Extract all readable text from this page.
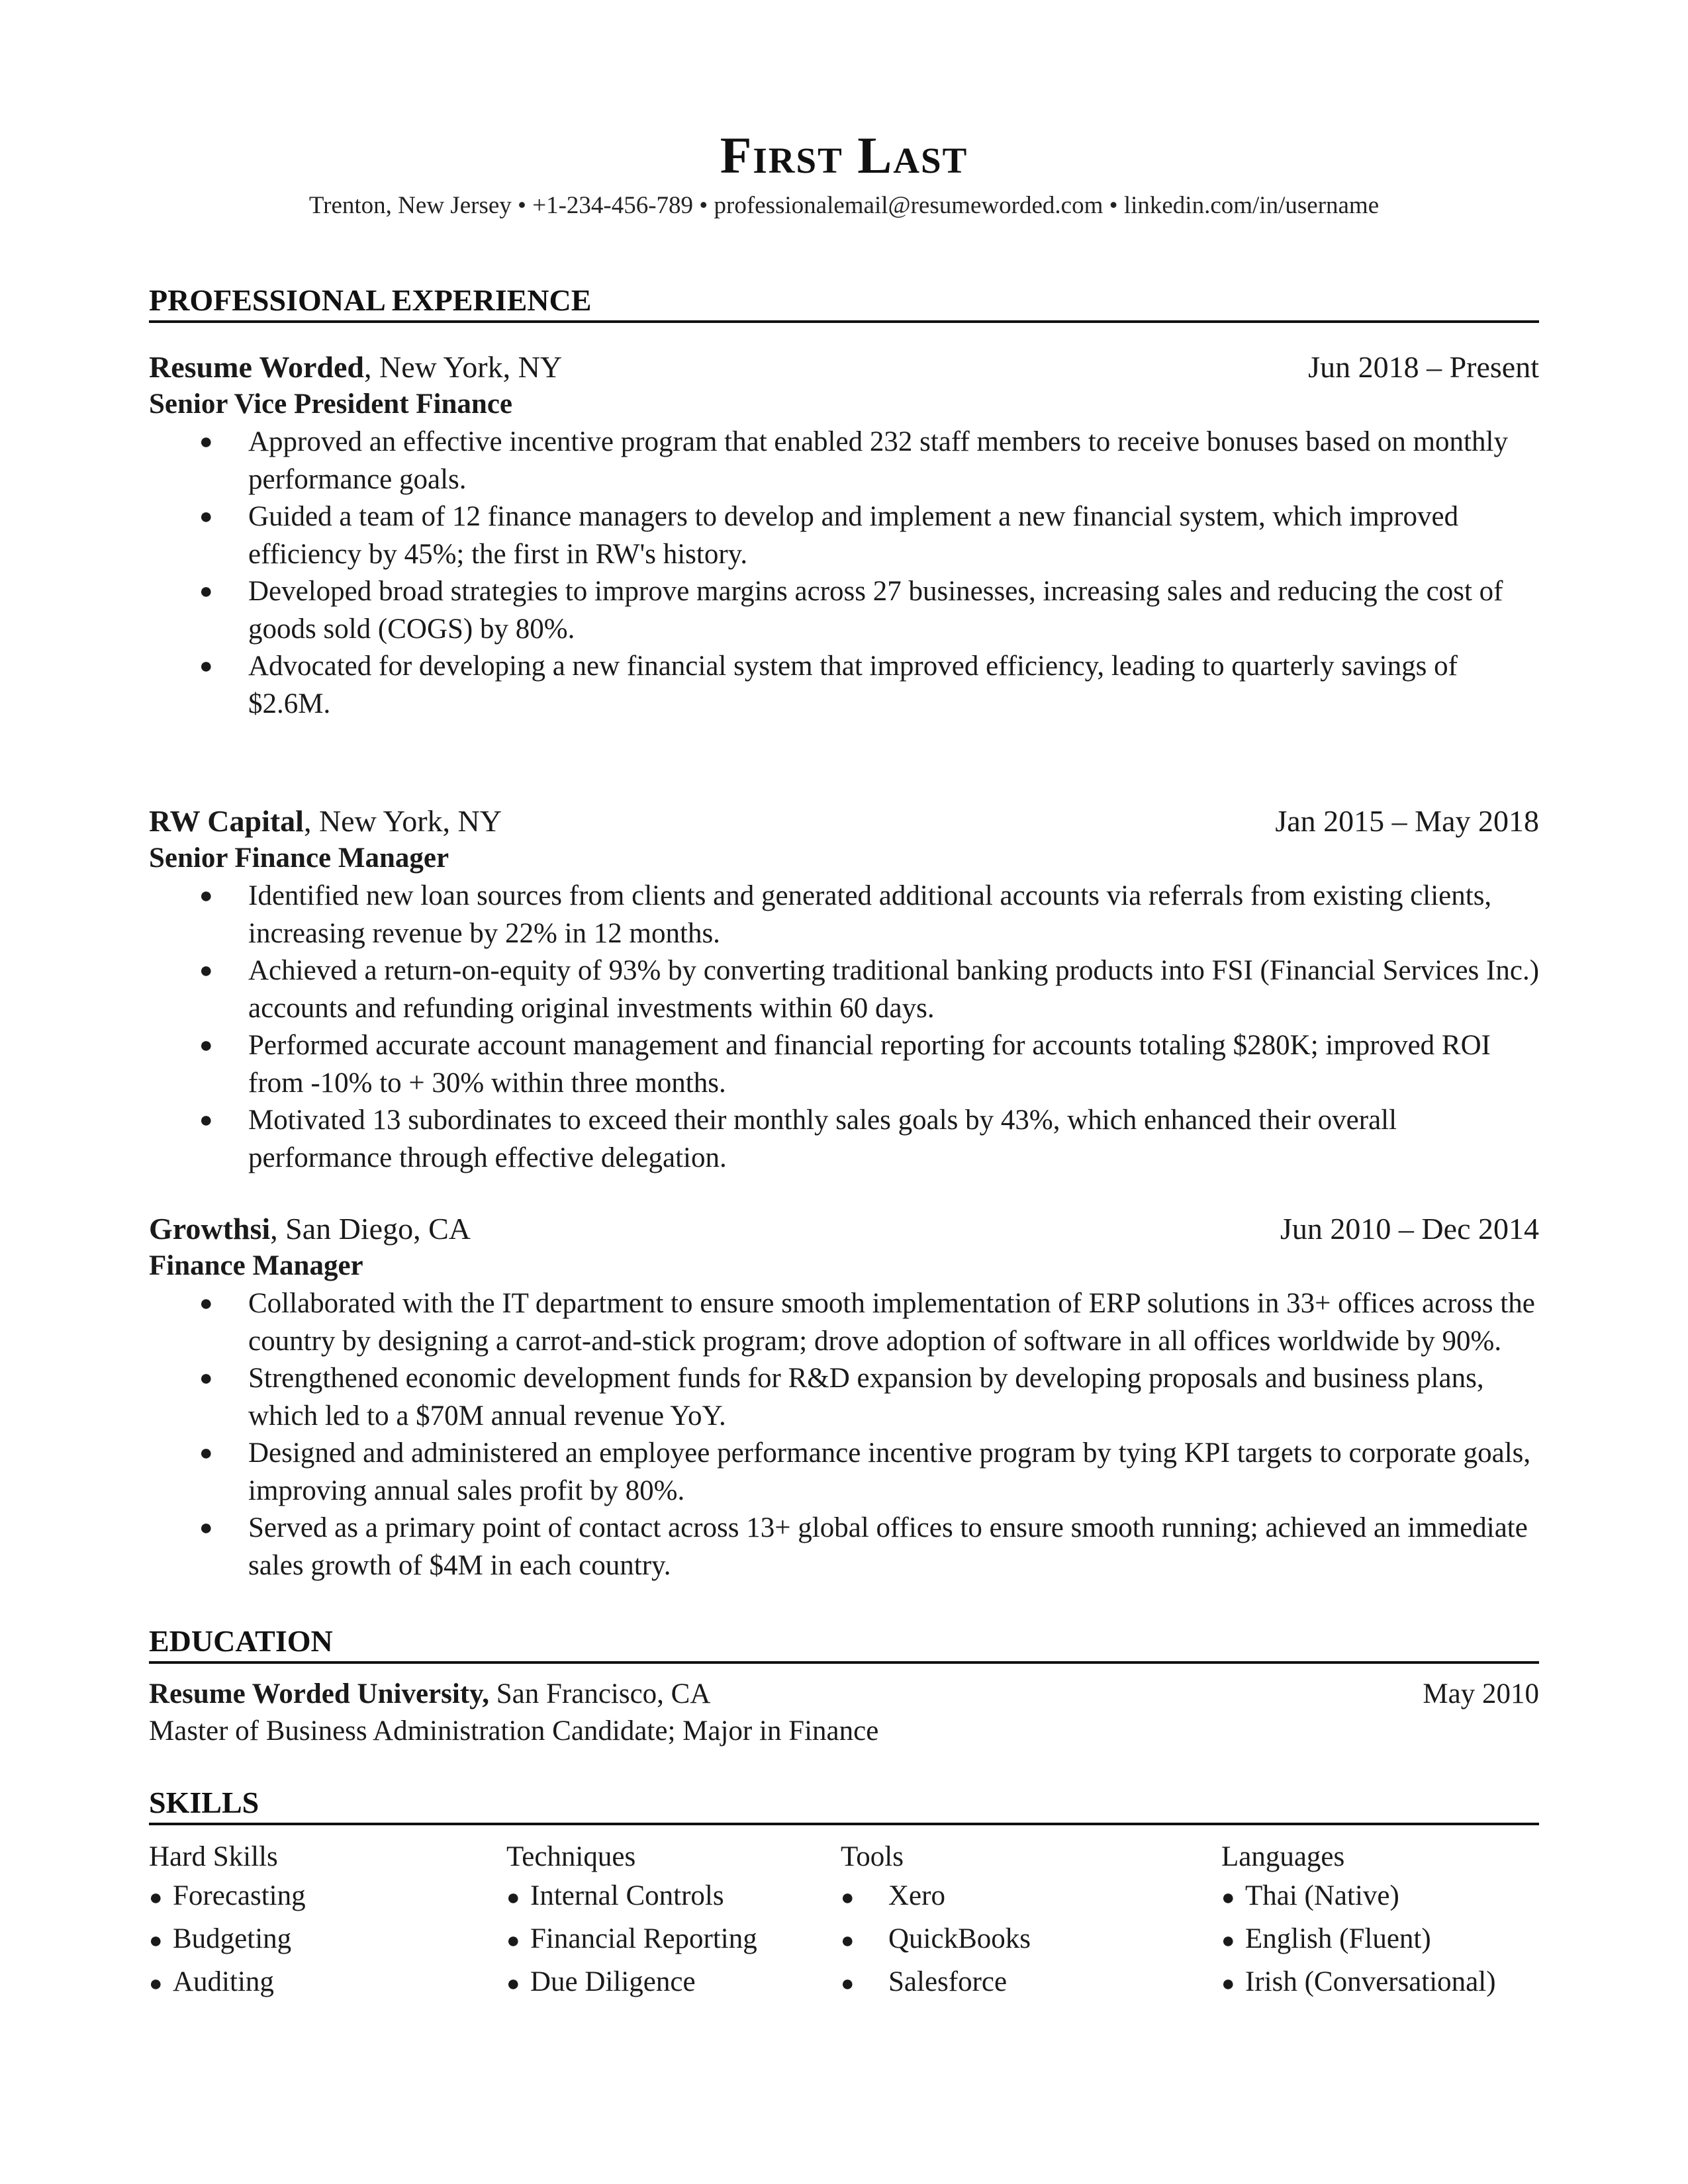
First Last
Trenton, New Jersey • +1-234-456-789 • professionalemail@resumeworded.com • linkedin.com/in/username
PROFESSIONAL EXPERIENCE
Resume Worded, New York, NY	Jun 2018 – Present
Senior Vice President Finance
● Approved an effective incentive program that enabled 232 staff members to receive bonuses based on monthly performance goals.
● Guided a team of 12 finance managers to develop and implement a new financial system, which improved efficiency by 45%; the first in RW's history.
● Developed broad strategies to improve margins across 27 businesses, increasing sales and reducing the cost of goods sold (COGS) by 80%.
● Advocated for developing a new financial system that improved efficiency, leading to quarterly savings of $2.6M.
RW Capital, New York, NY	Jan 2015 – May 2018
Senior Finance Manager
● Identified new loan sources from clients and generated additional accounts via referrals from existing clients, increasing revenue by 22% in 12 months.
● Achieved a return-on-equity of 93% by converting traditional banking products into FSI (Financial Services Inc.) accounts and refunding original investments within 60 days.
● Performed accurate account management and financial reporting for accounts totaling $280K; improved ROI from -10% to + 30% within three months.
● Motivated 13 subordinates to exceed their monthly sales goals by 43%, which enhanced their overall performance through effective delegation.
Growthsi, San Diego, CA	Jun 2010 – Dec 2014
Finance Manager
● Collaborated with the IT department to ensure smooth implementation of ERP solutions in 33+ offices across the country by designing a carrot-and-stick program; drove adoption of software in all offices worldwide by 90%.
● Strengthened economic development funds for R&D expansion by developing proposals and business plans, which led to a $70M annual revenue YoY.
● Designed and administered an employee performance incentive program by tying KPI targets to corporate goals, improving annual sales profit by 80%.
● Served as a primary point of contact across 13+ global offices to ensure smooth running; achieved an immediate sales growth of $4M in each country.
EDUCATION
Resume Worded University, San Francisco, CA	May 2010
Master of Business Administration Candidate; Major in Finance
SKILLS
Hard Skills
● Forecasting
● Budgeting
● Auditing
Techniques
● Internal Controls
● Financial Reporting
● Due Diligence
Tools
● Xero
● QuickBooks
● Salesforce
Languages
● Thai (Native)
● English (Fluent)
● Irish (Conversational)
